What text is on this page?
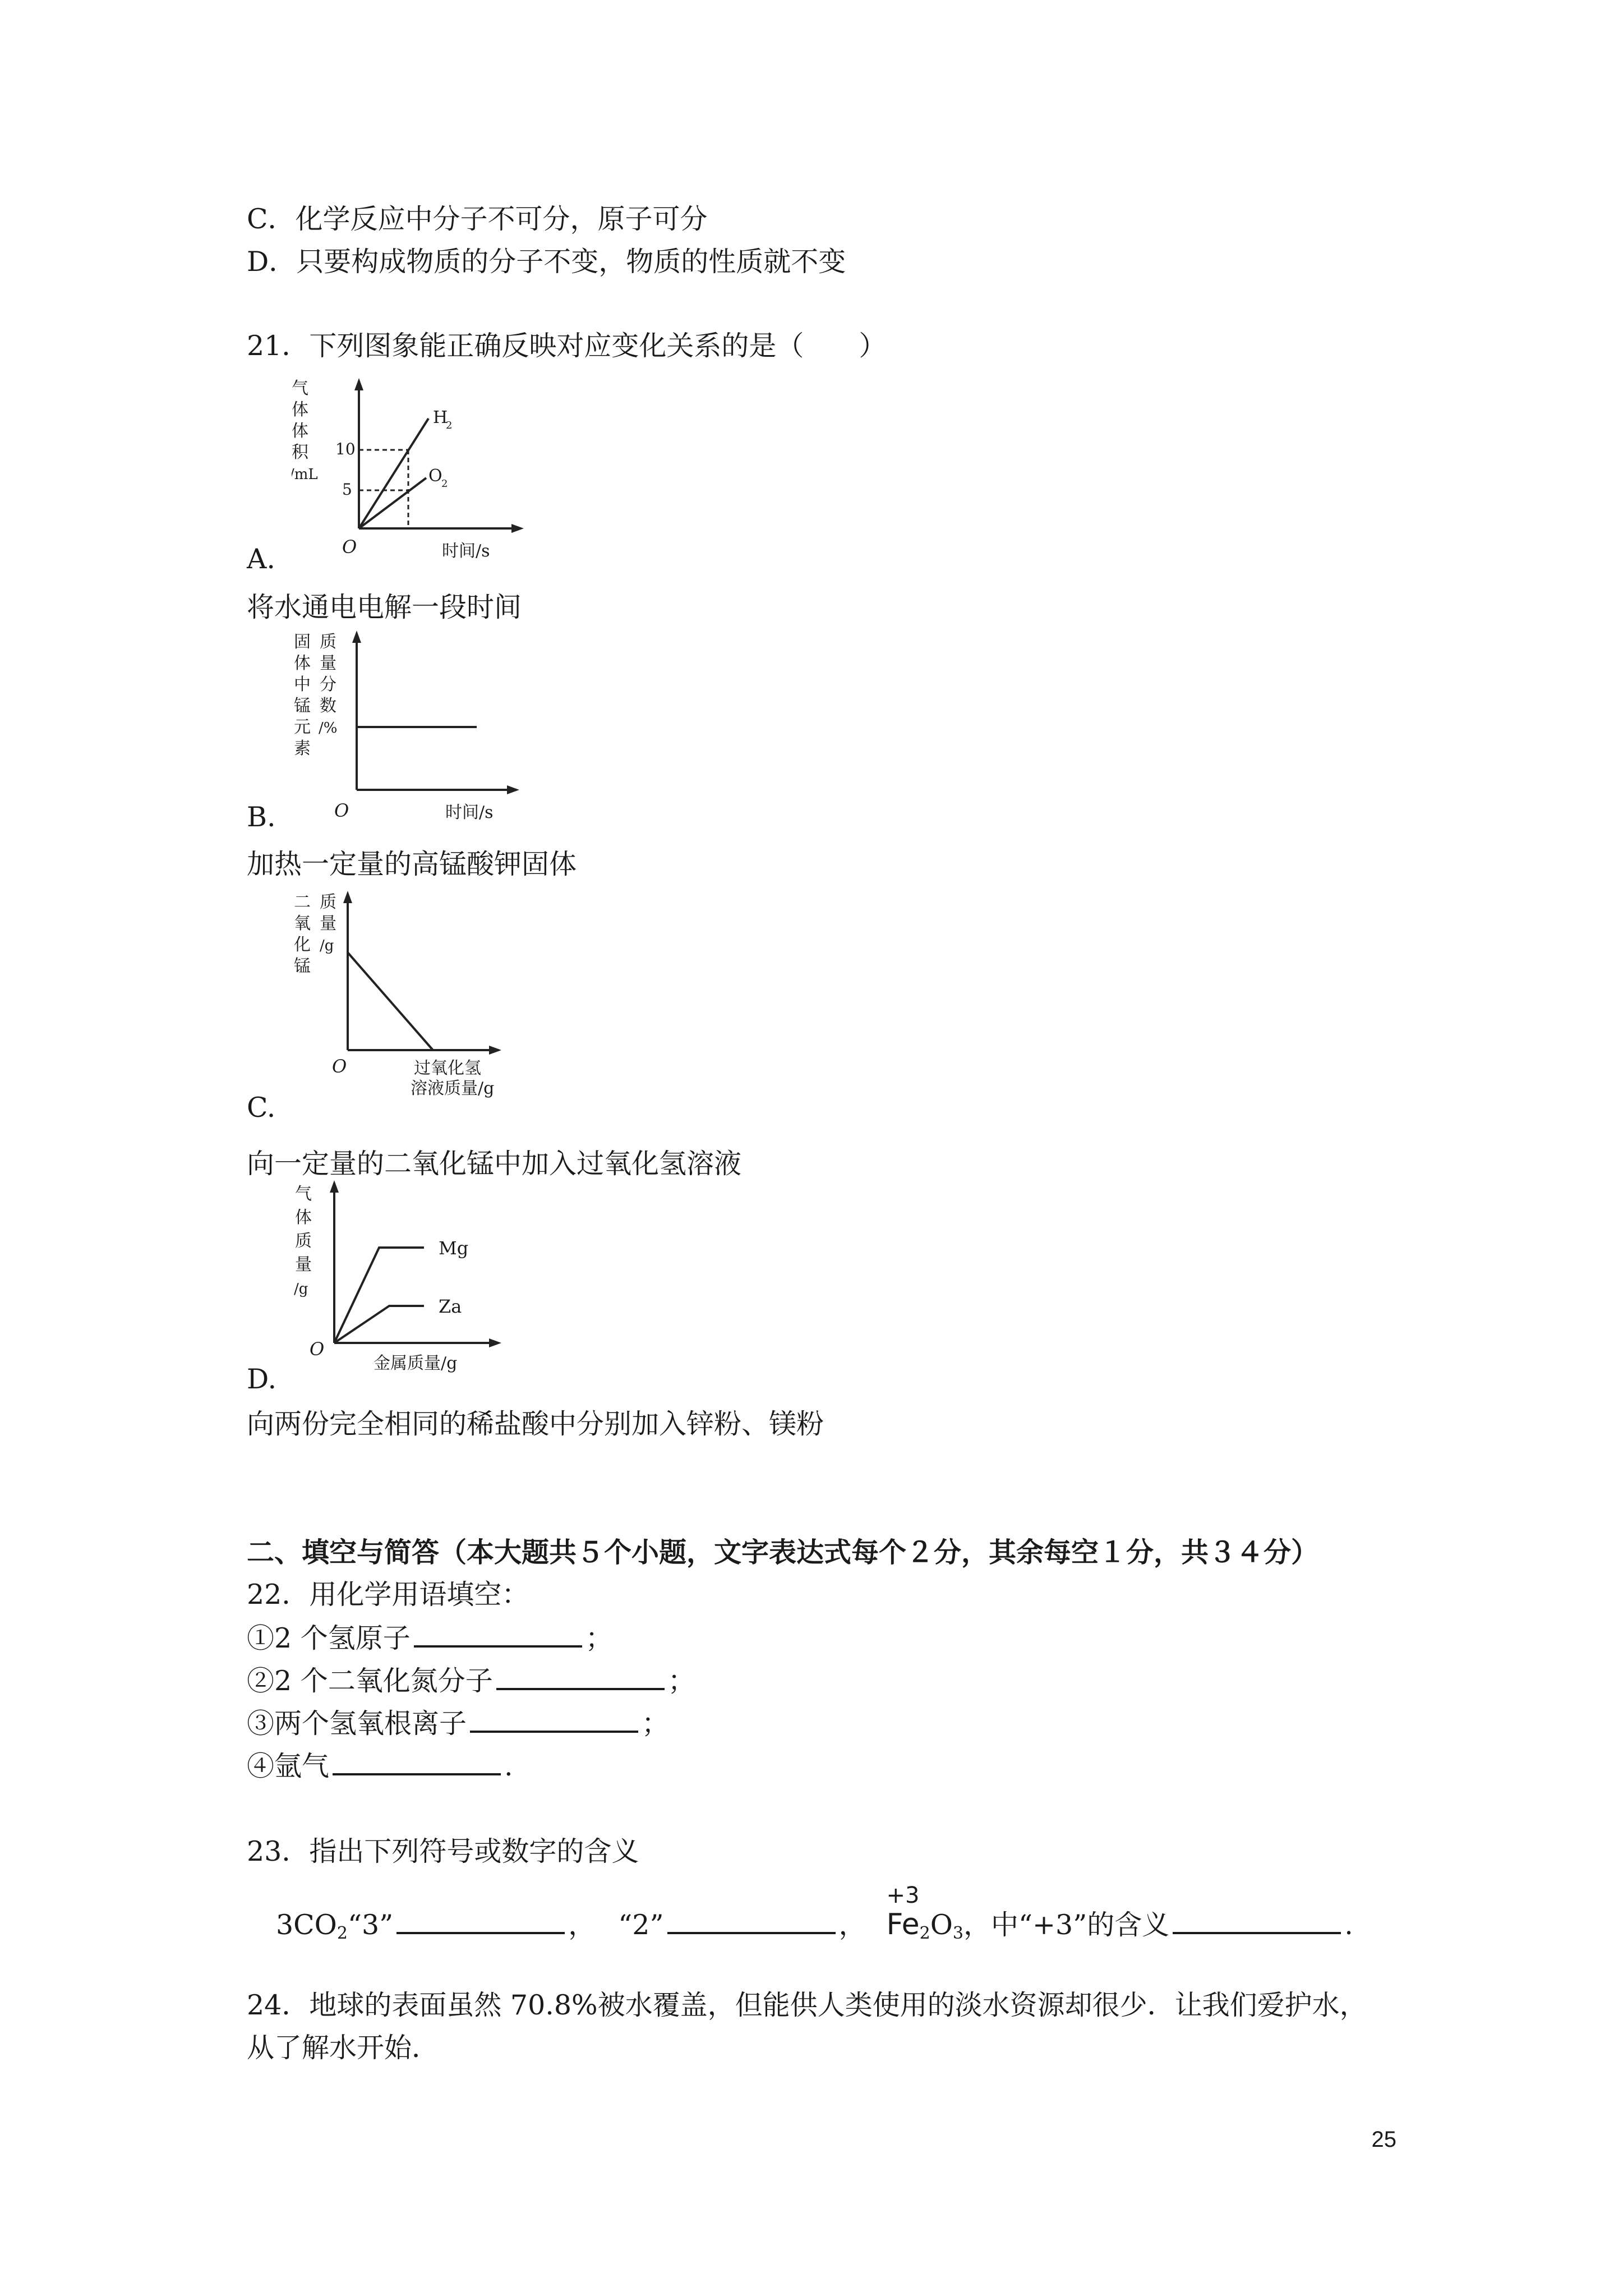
C．化学反应中分子不可分，原子可分
D．只要构成物质的分子不变，物质的性质就不变
21．下列图象能正确反映对应变化关系的是（　　）
气
体
体
积
/mL
10
5
H
2
O
2
O	时间/s
A.
将水通电电解一段时间
固
体
中
锰
元
素
质
量
分
数
/%
O	时间/s
B.
加热一定量的高锰酸钾固体
二
氧
化
锰
质
量
/g
O	过氧化氢
溶液质量/g
C.
向一定量的二氧化锰中加入过氧化氢溶液
气
体
质
量
/g
Mg
Za
O
金属质量/g
D.
向两份完全相同的稀盐酸中分别加入锌粉、镁粉
二、填空与简答（本大题共５个小题，文字表达式每个２分，其余每空１分，共３４分）
22．用化学用语填空：
①2 个氢原子	；
②2 个二氧化氮分子	；
③两个氢氧根离子	；
④氩气	.
23．指出下列符号或数字的含义
$3CO_2“3$”	， “2”	，
+3
$Fe_2O_3$，中“+3”的含义	.
24．地球的表面虽然 70.8%被水覆盖，但能供人类使用的淡水资源却很少．让我们爱护水，
从了解水开始．
25
